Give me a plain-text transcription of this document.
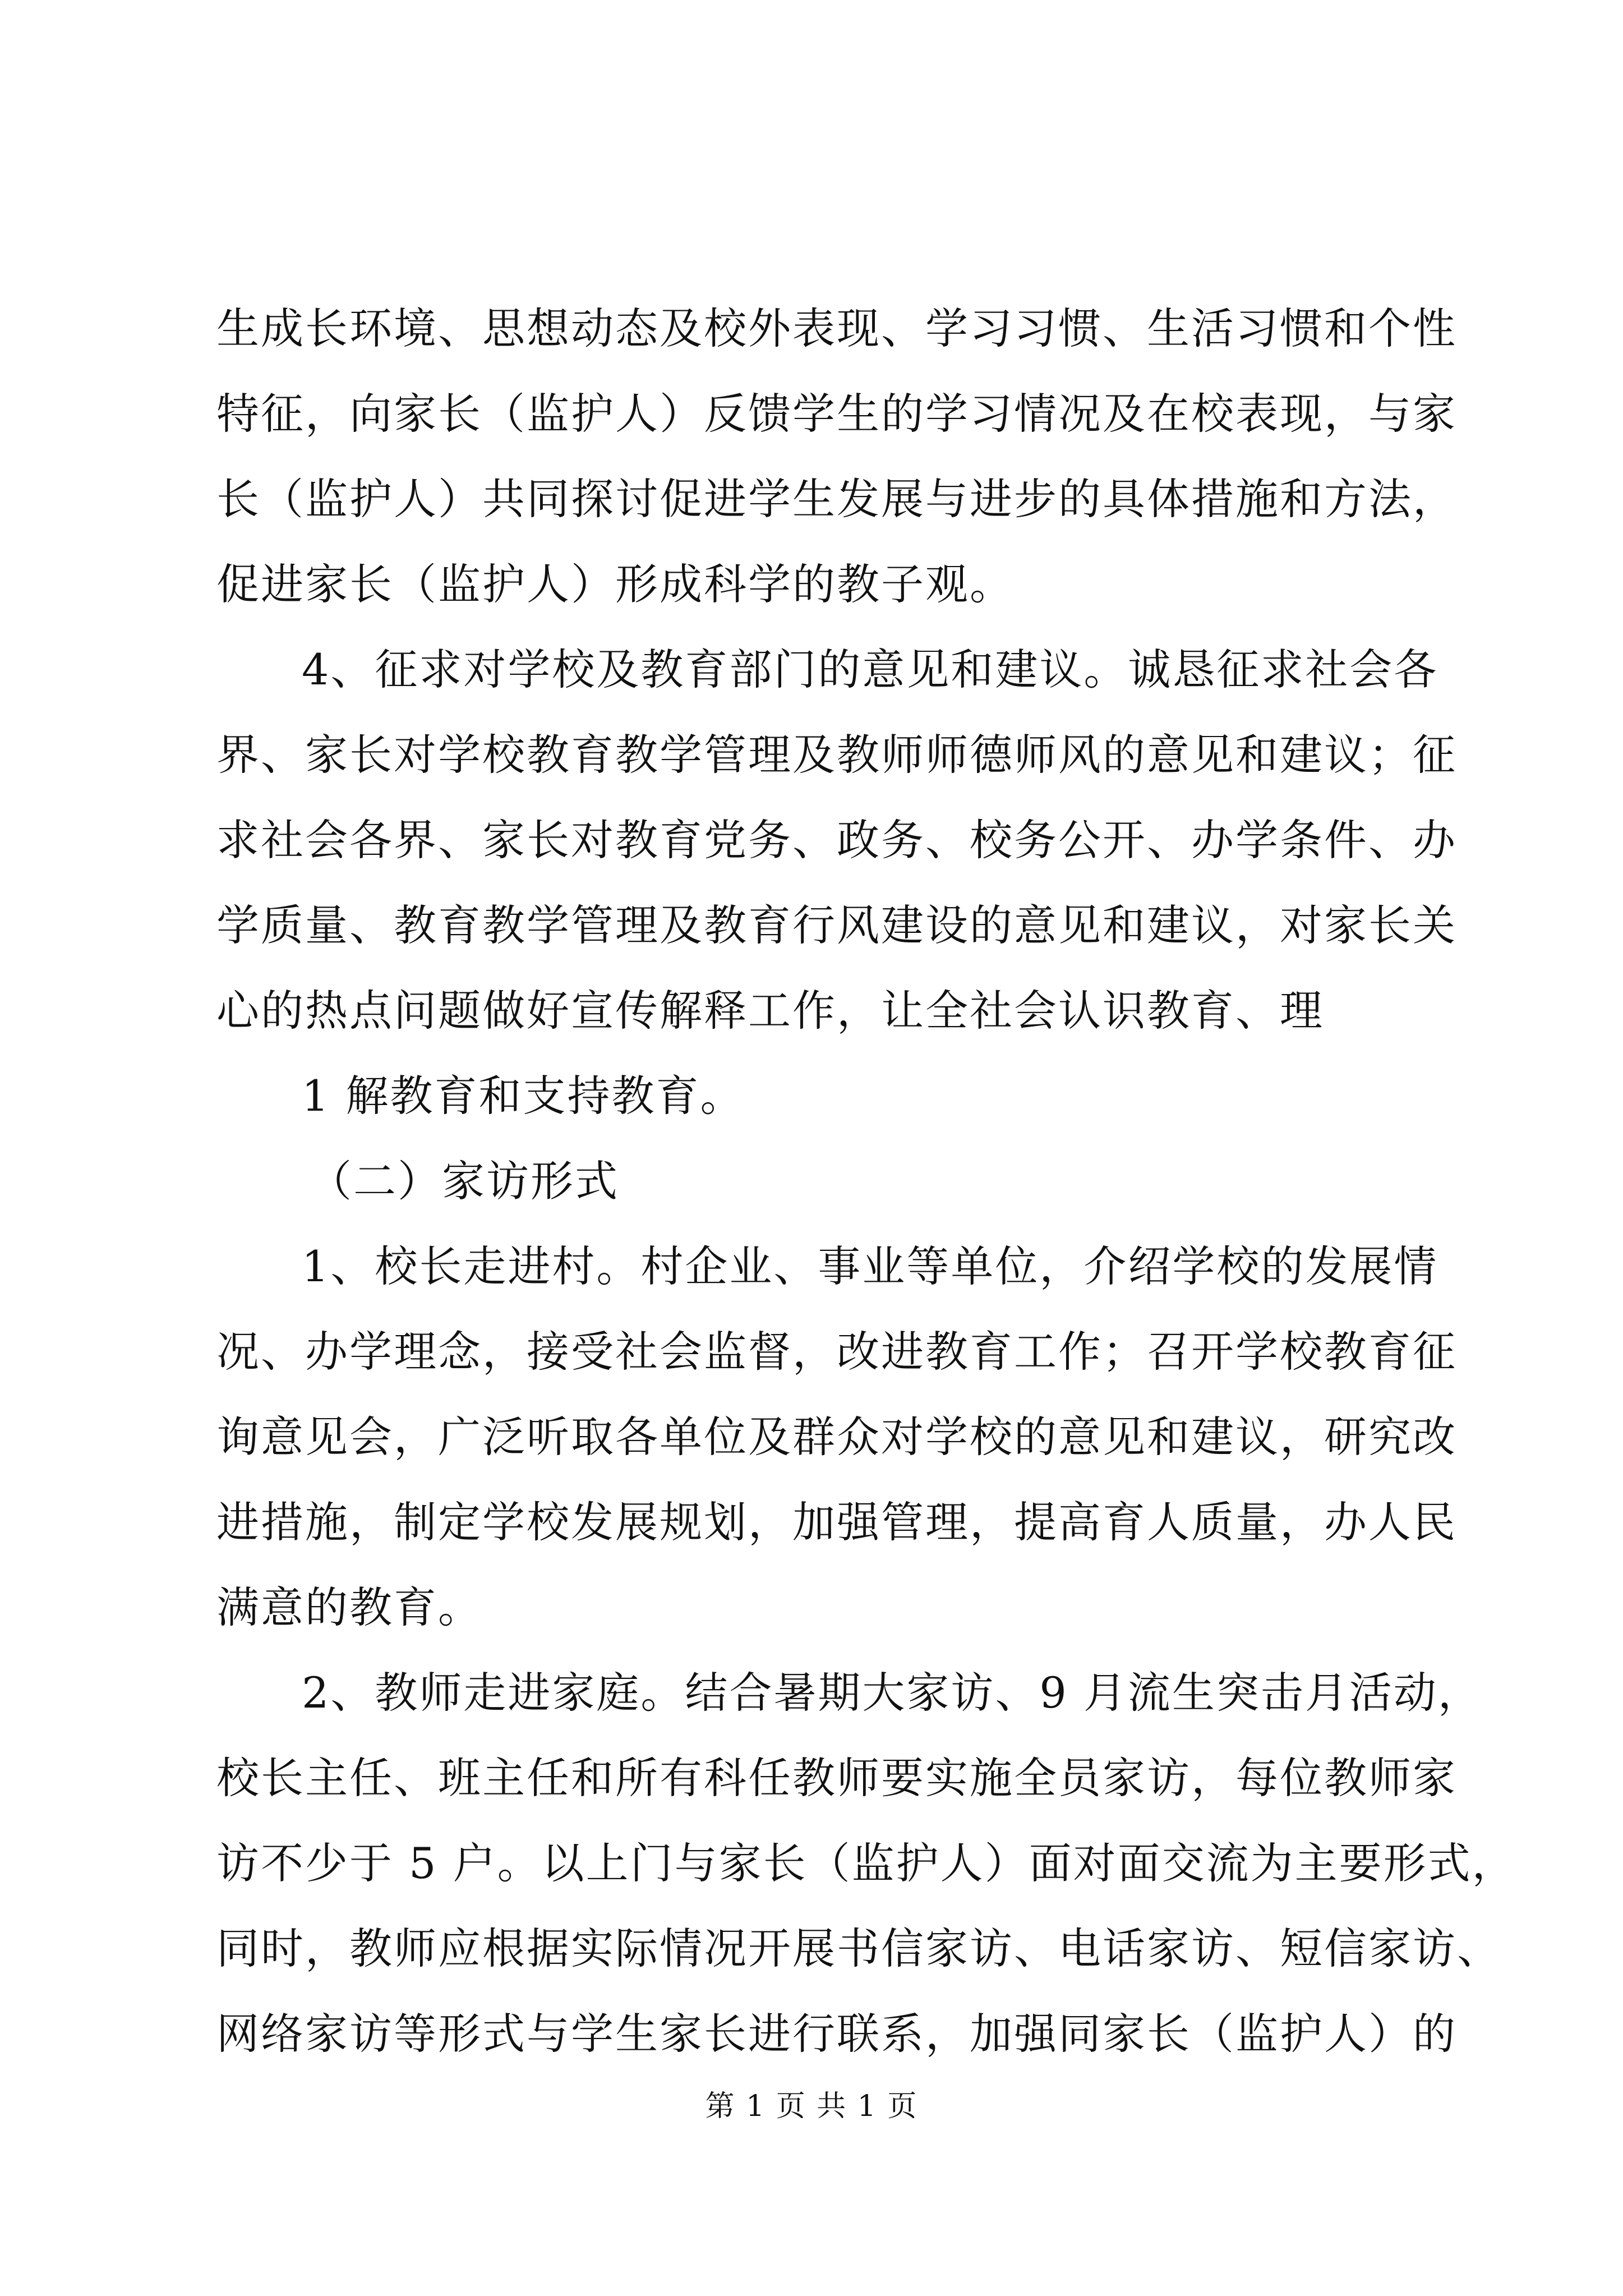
生成长环境、思想动态及校外表现、学习习惯、生活习惯和个性
特征，向家长（监护人）反馈学生的学习情况及在校表现，与家
长（监护人）共同探讨促进学生发展与进步的具体措施和方法，
促进家长（监护人）形成科学的教子观。
4、征求对学校及教育部门的意见和建议。诚恳征求社会各
界、家长对学校教育教学管理及教师师德师风的意见和建议；征
求社会各界、家长对教育党务、政务、校务公开、办学条件、办
学质量、教育教学管理及教育行风建设的意见和建议，对家长关
心的热点问题做好宣传解释工作，让全社会认识教育、理
1 解教育和支持教育。
（二）家访形式
1、校长走进村。村企业、事业等单位，介绍学校的发展情
况、办学理念，接受社会监督，改进教育工作；召开学校教育征
询意见会，广泛听取各单位及群众对学校的意见和建议，研究改
进措施，制定学校发展规划，加强管理，提高育人质量，办人民
满意的教育。
2、教师走进家庭。结合暑期大家访、9 月流生突击月活动，
校长主任、班主任和所有科任教师要实施全员家访，每位教师家
访不少于 5 户。以上门与家长（监护人）面对面交流为主要形式，
同时，教师应根据实际情况开展书信家访、电话家访、短信家访、
网络家访等形式与学生家长进行联系，加强同家长（监护人）的
第 1 页 共 1 页
